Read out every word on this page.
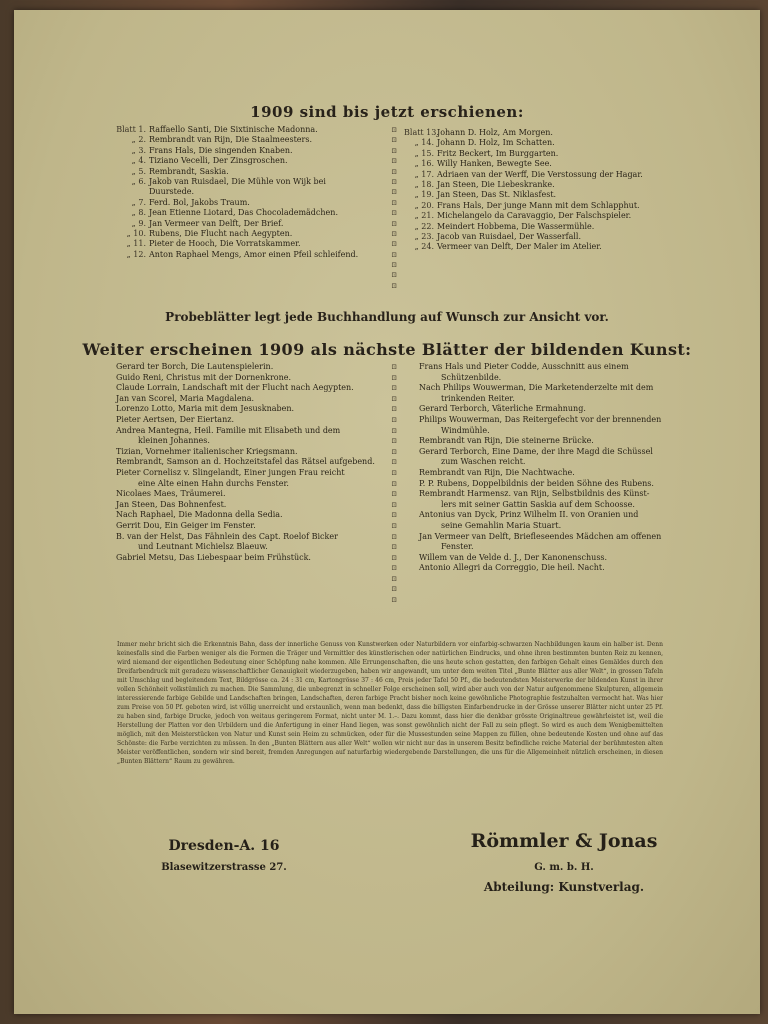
1909 sind bis jetzt erschienen:
Blatt 1. Raffaello Santi, Die Sixtinische Madonna.
„ 2. Rembrandt van Rijn, Die Staalmeesters.
„ 3. Frans Hals, Die singenden Knaben.
„ 4. Tiziano Vecelli, Der Zinsgroschen.
„ 5. Rembrandt, Saskia.
„ 6. Jakob van Ruisdael, Die Mühle von Wijk bei
Duurstede.
„ 7. Ferd. Bol, Jakobs Traum.
„ 8. Jean Etienne Liotard, Das Chocolademädchen.
„ 9. Jan Vermeer van Delft, Der Brief.
„ 10. Rubens, Die Flucht nach Aegypten.
„ 11. Pieter de Hooch, Die Vorratskammer.
„ 12. Anton Raphael Mengs, Amor einen Pfeil schleifend.
⊡
⊡
⊡
⊡
⊡
⊡
⊡
⊡
⊡
⊡
⊡
⊡
⊡
⊡
⊡
⊡
Blatt 13.
Johann D. Holz, Am Morgen.
„ 14. Johann D. Holz, Im Schatten.
„ 15. Fritz Beckert, Im Burggarten.
„ 16. Willy Hanken, Bewegte See.
„ 17. Adriaen van der Werff, Die Verstossung der Hagar.
„ 18. Jan Steen, Die Liebeskranke.
„ 19. Jan Steen, Das St. Niklasfest.
„ 20. Frans Hals, Der junge Mann mit dem Schlapphut.
„ 21. Michelangelo da Caravaggio, Der Falschspieler.
„ 22. Meindert Hobbema, Die Wassermühle.
„ 23. Jacob van Ruisdael, Der Wasserfall.
„ 24. Vermeer van Delft, Der Maler im Atelier.
Probeblätter legt jede Buchhandlung auf Wunsch zur Ansicht vor.
Weiter erscheinen 1909 als nächste Blätter der bildenden Kunst:
Gerard ter Borch, Die Lautenspielerin.
Guido Reni, Christus mit der Dornenkrone.
Claude Lorrain, Landschaft mit der Flucht nach Aegypten.
Jan van Scorel, Maria Magdalena.
Lorenzo Lotto, Maria mit dem Jesusknaben.
Pieter Aertsen, Der Eiertanz.
Andrea Mantegna, Heil. Familie mit Elisabeth und dem
kleinen Johannes.
Tizian, Vornehmer italienischer Kriegsmann.
Rembrandt, Samson an d. Hochzeitstafel das Rätsel aufgebend.
Pieter Cornelisz v. Slingelandt, Einer jungen Frau reicht
eine Alte einen Hahn durchs Fenster.
Nicolaes Maes, Träumerei.
Jan Steen, Das Bohnenfest.
Nach Raphael, Die Madonna della Sedia.
Gerrit Dou, Ein Geiger im Fenster.
B. van der Helst, Das Fähnlein des Capt. Roelof Bicker
und Leutnant Michielsz Blaeuw.
Gabriel Metsu, Das Liebespaar beim Frühstück.
⊡
⊡
⊡
⊡
⊡
⊡
⊡
⊡
⊡
⊡
⊡
⊡
⊡
⊡
⊡
⊡
⊡
⊡
⊡
⊡
⊡
⊡
⊡
Frans Hals und Pieter Codde, Ausschnitt aus einem
Schützenbilde.
Nach Philips Wouwerman, Die Marketenderzelte mit dem
trinkenden Reiter.
Gerard Terborch, Väterliche Ermahnung.
Philips Wouwerman, Das Reitergefecht vor der brennenden
Windmühle.
Rembrandt van Rijn, Die steinerne Brücke.
Gerard Terborch, Eine Dame, der ihre Magd die Schüssel
zum Waschen reicht.
Rembrandt van Rijn, Die Nachtwache.
P. P. Rubens, Doppelbildnis der beiden Söhne des Rubens.
Rembrandt Harmensz. van Rijn, Selbstbildnis des Künst-
lers mit seiner Gattin Saskia auf dem Schoosse.
Antonius van Dyck, Prinz Wilhelm II. von Oranien und
seine Gemahlin Maria Stuart.
Jan Vermeer van Delft, Briefleseendes Mädchen am offenen
Fenster.
Willem van de Velde d. J., Der Kanonenschuss.
Antonio Allegri da Correggio, Die heil. Nacht.
Immer mehr bricht sich die Erkenntnis Bahn, dass der innerliche Genuss von Kunstwerken oder Naturbildern vor einfarbig-schwarzen Nachbildungen kaum ein halber ist. Denn keinesfalls sind die Farben weniger als die Formen die Träger und Vermittler des künstlerischen oder natürlichen Eindrucks, und ohne ihren bestimmten bunten Reiz zu kennen, wird niemand der eigentlichen Bedeutung einer Schöpfung nahe kommen. Alle Errungenschaften, die uns heute schon gestatten, den farbigen Gehalt eines Gemäldes durch den Dreifarbendruck mit geradezu wissenschaftlicher Genauigkeit wiederzugeben, haben wir angewandt, um unter dem weiten Titel „Bunte Blätter aus aller Welt“, in grossen Tafeln mit Umschlag und begleitendem Text, Bildgrösse ca. 24 : 31 cm, Kartongrösse 37 : 46 cm, Preis jeder Tafel 50 Pf., die bedeutendsten Meisterwerke der bildenden Kunst in ihrer vollen Schönheit volkstümlich zu machen. Die Sammlung, die unbegrenzt in schneller Folge erscheinen soll, wird aber auch von der Natur aufgenommene Skulpturen, allgemein interessierende farbige Gebilde und Landschaften bringen, Landschaften, deren farbige Pracht bisher noch keine gewöhnliche Photographie festzuhalten vermocht hat. Was hier zum Preise von 50 Pf. geboten wird, ist völlig unerreicht und erstaunlich, wenn man bedenkt, dass die billigsten Einfarbendrucke in der Grösse unserer Blätter nicht unter 25 Pf. zu haben sind, farbige Drucke, jedoch von weitaus geringerem Format, nicht unter M. 1.–. Dazu kommt, dass hier die denkbar grösste Originaltreue gewährleistet ist, weil die Herstellung der Platten vor den Urbildern und die Anfertigung in einer Hand liegen, was sonst gewöhnlich nicht der Fall zu sein pflegt. So wird es auch dem Wenigbemittelten möglich, mit den Meisterstücken von Natur und Kunst sein Heim zu schmücken, oder für die Mussestunden seine Mappen zu füllen, ohne bedeutende Kosten und ohne auf das Schönste: die Farbe verzichten zu müssen. In den „Bunten Blättern aus aller Welt“ wollen wir nicht nur das in unserem Besitz befindliche reiche Material der berühmtesten alten Meister veröffentlichen, sondern wir sind bereit, fremden Anregungen auf naturfarbig wiedergebende Darstellungen, die uns für die Allgemeinheit nützlich erscheinen, in diesen „Bunten Blättern“ Raum zu gewähren.
Dresden-A. 16
Blasewitzerstrasse 27.
Römmler & Jonas
G. m. b. H.
Abteilung: Kunstverlag.
